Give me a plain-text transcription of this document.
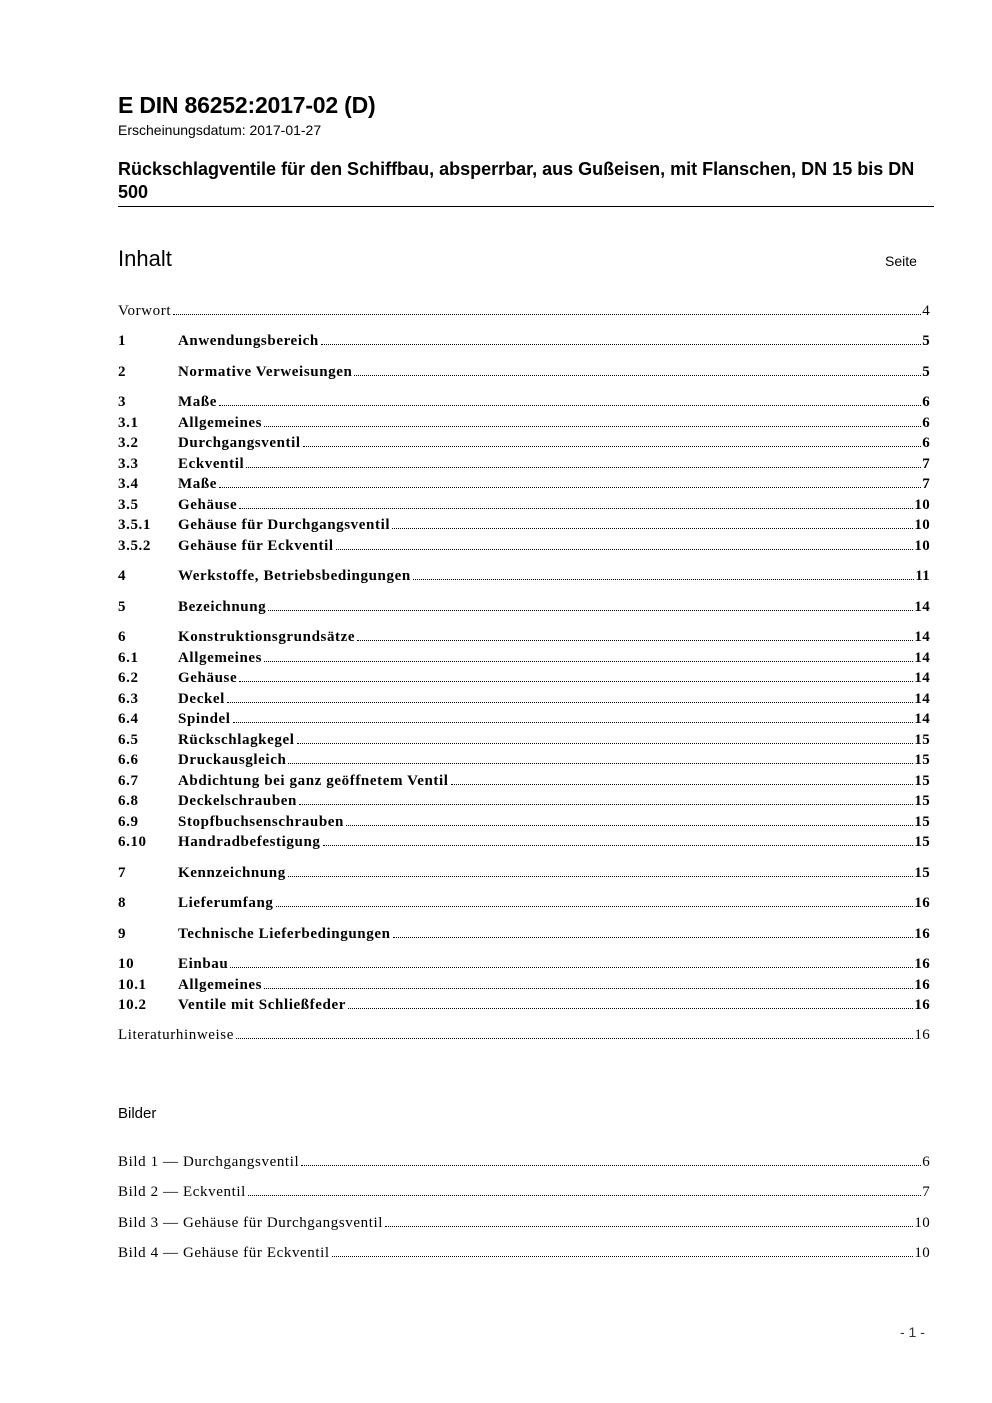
E DIN 86252:2017-02 (D)
Erscheinungsdatum: 2017-01-27
Rückschlagventile für den Schiffbau, absperrbar, aus Gußeisen, mit Flanschen, DN 15 bis DN 500
Inhalt	Seite
Vorwort	4
1	Anwendungsbereich	5
2	Normative Verweisungen	5
3	Maße	6
3.1	Allgemeines	6
3.2	Durchgangsventil	6
3.3	Eckventil	7
3.4	Maße	7
3.5	Gehäuse	10
3.5.1	Gehäuse für Durchgangsventil	10
3.5.2	Gehäuse für Eckventil	10
4	Werkstoffe, Betriebsbedingungen	11
5	Bezeichnung	14
6	Konstruktionsgrundsätze	14
6.1	Allgemeines	14
6.2	Gehäuse	14
6.3	Deckel	14
6.4	Spindel	14
6.5	Rückschlagkegel	15
6.6	Druckausgleich	15
6.7	Abdichtung bei ganz geöffnetem Ventil	15
6.8	Deckelschrauben	15
6.9	Stopfbuchsenschrauben	15
6.10	Handradbefestigung	15
7	Kennzeichnung	15
8	Lieferumfang	16
9	Technische Lieferbedingungen	16
10	Einbau	16
10.1	Allgemeines	16
10.2	Ventile mit Schließfeder	16
Literaturhinweise	16
Bilder
Bild 1 — Durchgangsventil	6
Bild 2 — Eckventil	7
Bild 3 — Gehäuse für Durchgangsventil	10
Bild 4 — Gehäuse für Eckventil	10
- 1 -
